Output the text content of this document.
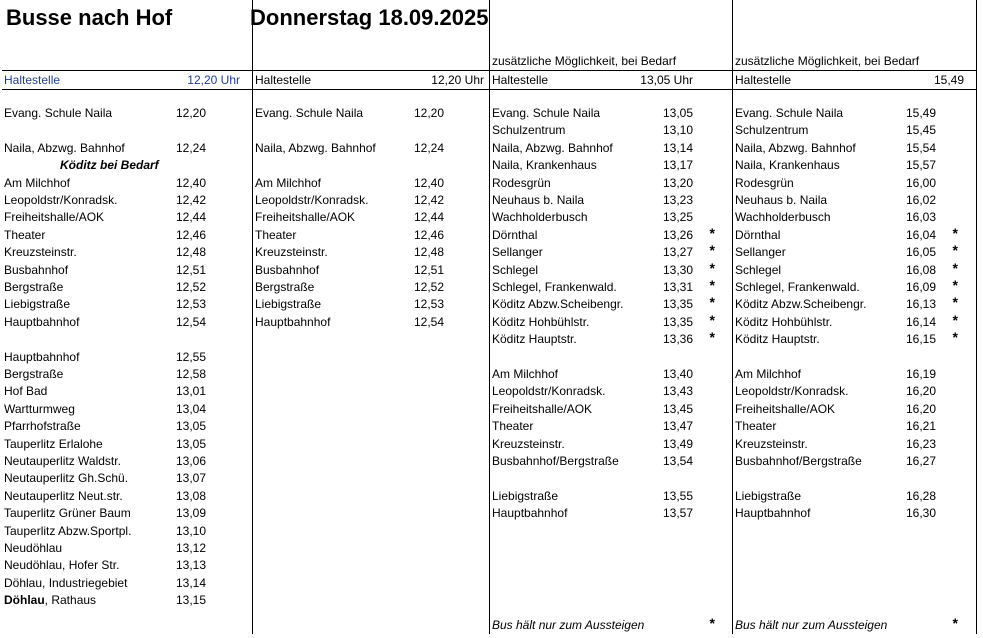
Busse nach Hof	Donnerstag 18.09.2025
Haltestelle	12,20 Uhr
Evang. Schule Naila	12,20
Naila, Abzwg. Bahnhof	12,24
Köditz bei Bedarf
Am Milchhof	12,40
Leopoldstr/Konradsk.	12,42
Freiheitshalle/AOK	12,44
Theater	12,46
Kreuzsteinstr.	12,48
Busbahnhof	12,51
Bergstraße	12,52
Liebigstraße	12,53
Hauptbahnhof	12,54
Hauptbahnhof	12,55
Bergstraße	12,58
Hof Bad	13,01
Wartturmweg	13,04
Pfarrhofstraße	13,05
Tauperlitz Erlalohe	13,05
Neutauperlitz Waldstr.	13,06
Neutauperlitz Gh.Schü.	13,07
Neutauperlitz Neut.str.	13,08
Tauperlitz Grüner Baum	13,09
Tauperlitz Abzw.Sportpl.	13,10
Neudöhlau	13,12
Neudöhlau, Hofer Str.	13,13
Döhlau, Industriegebiet	13,14
Döhlau, Rathaus	13,15
Haltestelle	12,20 Uhr
Evang. Schule Naila	12,20
Naila, Abzwg. Bahnhof	12,24
Am Milchhof	12,40
Leopoldstr/Konradsk.	12,42
Freiheitshalle/AOK	12,44
Theater	12,46
Kreuzsteinstr.	12,48
Busbahnhof	12,51
Bergstraße	12,52
Liebigstraße	12,53
Hauptbahnhof	12,54
zusätzliche Möglichkeit, bei Bedarf
Haltestelle	13,05 Uhr
Evang. Schule Naila	13,05
Schulzentrum	13,10
Naila, Abzwg. Bahnhof	13,14
Naila, Krankenhaus	13,17
Rodesgrün	13,20
Neuhaus b. Naila	13,23
Wachholderbusch	13,25
Dörnthal	13,26 *
Sellanger	13,27 *
Schlegel	13,30 *
Schlegel, Frankenwald.	13,31 *
Köditz Abzw.Scheibengr.	13,35 *
Köditz Hohbühlstr.	13,35 *
Köditz Hauptstr.	13,36 *
Am Milchhof	13,40
Leopoldstr/Konradsk.	13,43
Freiheitshalle/AOK	13,45
Theater	13,47
Kreuzsteinstr.	13,49
Busbahnhof/Bergstraße	13,54
Liebigstraße	13,55
Hauptbahnhof	13,57
Bus hält nur zum Aussteigen	*
zusätzliche Möglichkeit, bei Bedarf
Haltestelle	15,49
Evang. Schule Naila	15,49
Schulzentrum	15,45
Naila, Abzwg. Bahnhof	15,54
Naila, Krankenhaus	15,57
Rodesgrün	16,00
Neuhaus b. Naila	16,02
Wachholderbusch	16,03
Dörnthal	16,04 *
Sellanger	16,05 *
Schlegel	16,08 *
Schlegel, Frankenwald.	16,09 *
Köditz Abzw.Scheibengr.	16,13 *
Köditz Hohbühlstr.	16,14 *
Köditz Hauptstr.	16,15 *
Am Milchhof	16,19
Leopoldstr/Konradsk.	16,20
Freiheitshalle/AOK	16,20
Theater	16,21
Kreuzsteinstr.	16,23
Busbahnhof/Bergstraße	16,27
Liebigstraße	16,28
Hauptbahnhof	16,30
Bus hält nur zum Aussteigen	*
